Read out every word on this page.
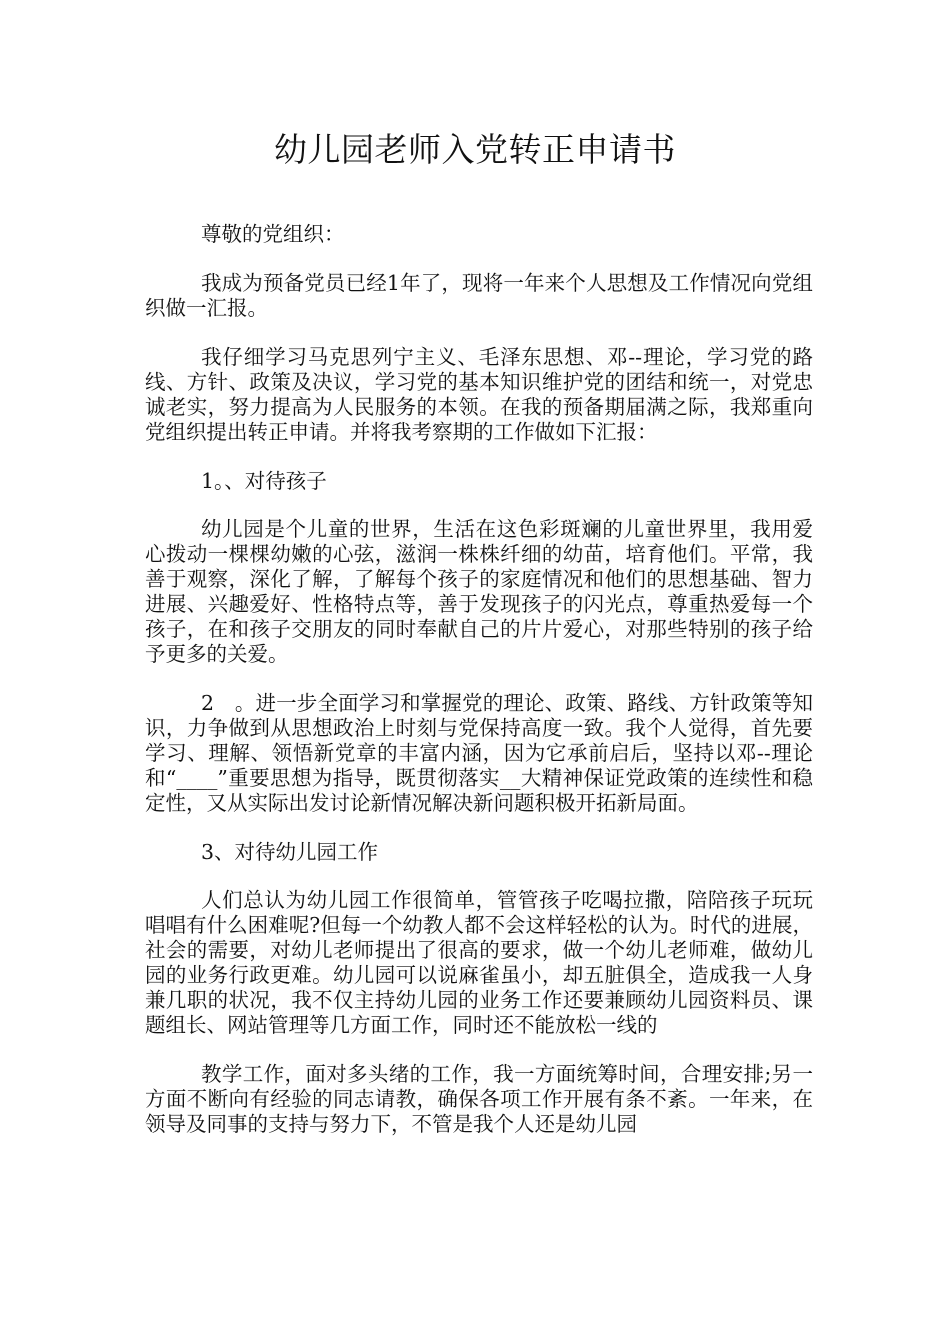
幼儿园老师入党转正申请书

尊敬的党组织：

我成为预备党员已经1年了，现将一年来个人思想及工作情况向党组织做一汇报。

我仔细学习马克思列宁主义、毛泽东思想、邓--理论，学习党的路线、方针、政策及决议，学习党的基本知识维护党的团结和统一，对党忠诚老实，努力提高为人民服务的本领。在我的预备期届满之际，我郑重向党组织提出转正申请。并将我考察期的工作做如下汇报：

1。、对待孩子

幼儿园是个儿童的世界，生活在这色彩斑斓的儿童世界里，我用爱心拨动一棵棵幼嫩的心弦，滋润一株株纤细的幼苗，培育他们。平常，我善于观察，深化了解，了解每个孩子的家庭情况和他们的思想基础、智力进展、兴趣爱好、性格特点等，善于发现孩子的闪光点，尊重热爱每一个孩子，在和孩子交朋友的同时奉献自己的片片爱心，对那些特别的孩子给予更多的关爱。

2　。进一步全面学习和掌握党的理论、政策、路线、方针政策等知识，力争做到从思想政治上时刻与党保持高度一致。我个人觉得，首先要学习、理解、领悟新党章的丰富内涵，因为它承前启后，坚持以邓--理论和“____”重要思想为指导，既贯彻落实__大精神保证党政策的连续性和稳定性，又从实际出发讨论新情况解决新问题积极开拓新局面。

3、对待幼儿园工作

人们总认为幼儿园工作很简单，管管孩子吃喝拉撒，陪陪孩子玩玩唱唱有什么困难呢?但每一个幼教人都不会这样轻松的认为。时代的进展，社会的需要，对幼儿老师提出了很高的要求，做一个幼儿老师难，做幼儿园的业务行政更难。幼儿园可以说麻雀虽小，却五脏俱全，造成我一人身兼几职的状况，我不仅主持幼儿园的业务工作还要兼顾幼儿园资料员、课题组长、网站管理等几方面工作，同时还不能放松一线的

教学工作，面对多头绪的工作，我一方面统筹时间，合理安排;另一方面不断向有经验的同志请教，确保各项工作开展有条不紊。一年来，在领导及同事的支持与努力下，不管是我个人还是幼儿园
